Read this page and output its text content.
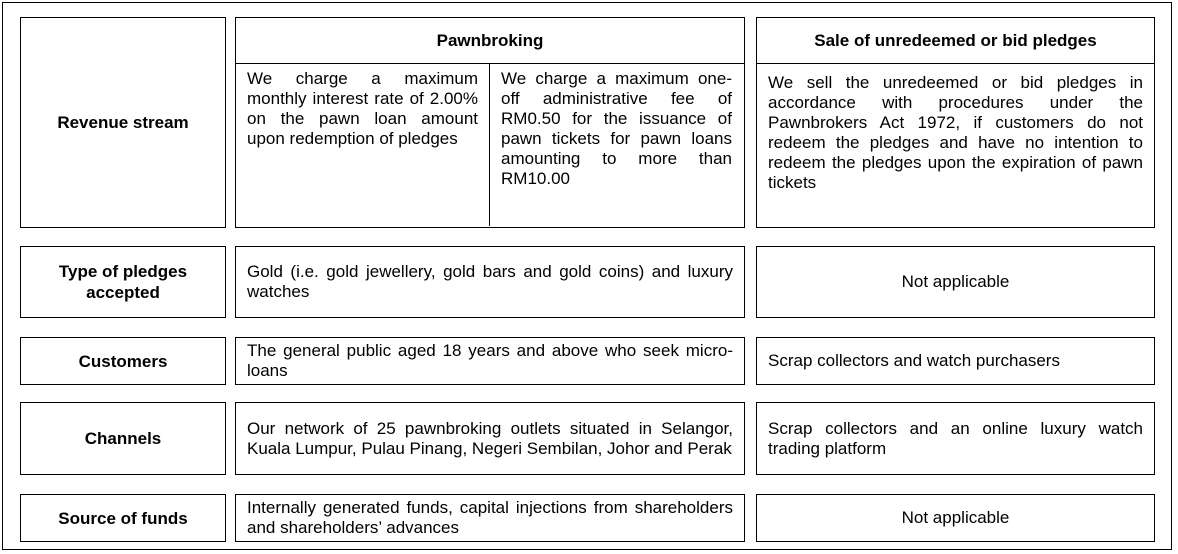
Revenue stream
Pawnbroking
We charge a maximum monthly interest rate of 2.00% on the pawn loan amount upon redemption of pledges
We charge a maximum one-off administrative fee of RM0.50 for the issuance of pawn tickets for pawn loans amounting to more than RM10.00
Sale of unredeemed or bid pledges
We sell the unredeemed or bid pledges in accordance with procedures under the Pawnbrokers Act 1972, if customers do not redeem the pledges and have no intention to redeem the pledges upon the expiration of pawn tickets
Type of pledges accepted
Gold (i.e. gold jewellery, gold bars and gold coins) and luxury watches
Not applicable
Customers
The general public aged 18 years and above who seek micro-loans
Scrap collectors and watch purchasers
Channels
Our network of 25 pawnbroking outlets situated in Selangor, Kuala Lumpur, Pulau Pinang, Negeri Sembilan, Johor and Perak
Scrap collectors and an online luxury watch trading platform
Source of funds
Internally generated funds, capital injections from shareholders and shareholders’ advances
Not applicable
